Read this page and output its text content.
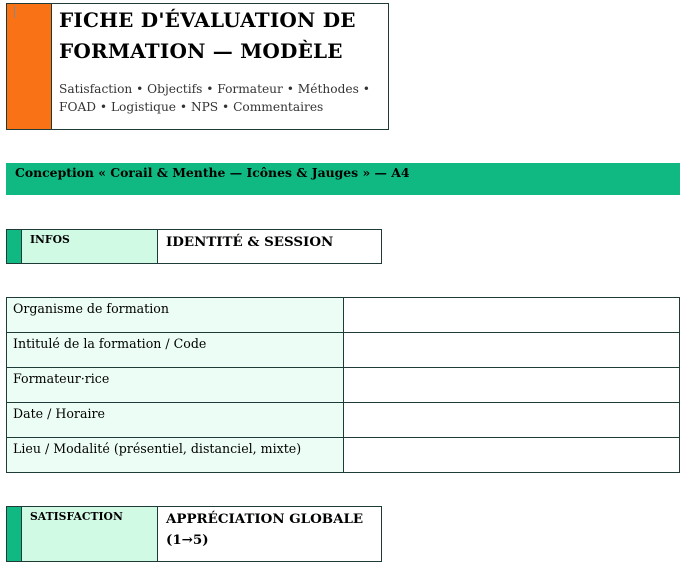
FICHE D'ÉVALUATION DE FORMATION — MODÈLE
Satisfaction • Objectifs • Formateur • Méthodes • FOAD • Logistique • NPS • Commentaires
Conception « Corail & Menthe — Icônes & Jauges » — A4
INFOS	IDENTITÉ & SESSION
Organisme de formation	
Intitulé de la formation / Code	
Formateur·rice	
Date / Horaire	
Lieu / Modalité (présentiel, distanciel, mixte)	
SATISFACTION	APPRÉCIATION GLOBALE (1→5)
